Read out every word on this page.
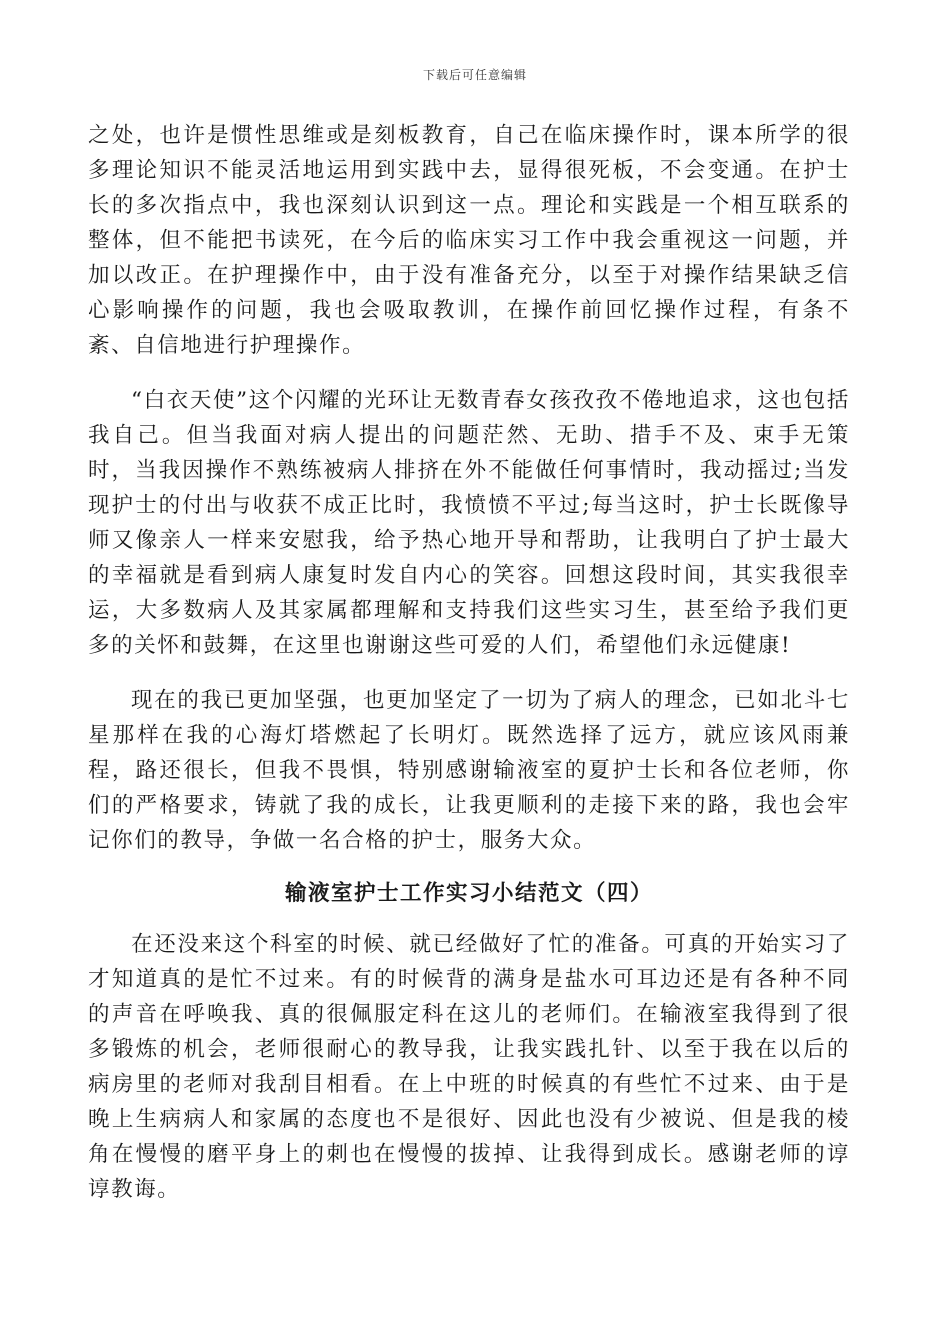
下载后可任意编辑

之处，也许是惯性思维或是刻板教育，自己在临床操作时，课本所学的很多理论知识不能灵活地运用到实践中去，显得很死板，不会变通。在护士长的多次指点中，我也深刻认识到这一点。理论和实践是一个相互联系的整体，但不能把书读死，在今后的临床实习工作中我会重视这一问题，并加以改正。在护理操作中，由于没有准备充分，以至于对操作结果缺乏信心影响操作的问题，我也会吸取教训，在操作前回忆操作过程，有条不紊、自信地进行护理操作。

“白衣天使”这个闪耀的光环让无数青春女孩孜孜不倦地追求，这也包括我自己。但当我面对病人提出的问题茫然、无助、措手不及、束手无策时，当我因操作不熟练被病人排挤在外不能做任何事情时，我动摇过;当发现护士的付出与收获不成正比时，我愤愤不平过;每当这时，护士长既像导师又像亲人一样来安慰我，给予热心地开导和帮助，让我明白了护士最大的幸福就是看到病人康复时发自内心的笑容。回想这段时间，其实我很幸运，大多数病人及其家属都理解和支持我们这些实习生，甚至给予我们更多的关怀和鼓舞，在这里也谢谢这些可爱的人们，希望他们永远健康!

现在的我已更加坚强，也更加坚定了一切为了病人的理念，已如北斗七星那样在我的心海灯塔燃起了长明灯。既然选择了远方，就应该风雨兼程，路还很长，但我不畏惧，特别感谢输液室的夏护士长和各位老师，你们的严格要求，铸就了我的成长，让我更顺利的走接下来的路，我也会牢记你们的教导，争做一名合格的护士，服务大众。

输液室护士工作实习小结范文（四）

在还没来这个科室的时候、就已经做好了忙的准备。可真的开始实习了才知道真的是忙不过来。有的时候背的满身是盐水可耳边还是有各种不同的声音在呼唤我、真的很佩服定科在这儿的老师们。在输液室我得到了很多锻炼的机会，老师很耐心的教导我，让我实践扎针、以至于我在以后的病房里的老师对我刮目相看。在上中班的时候真的有些忙不过来、由于是晚上生病病人和家属的态度也不是很好、因此也没有少被说、但是我的棱角在慢慢的磨平身上的刺也在慢慢的拔掉、让我得到成长。感谢老师的谆谆教诲。
